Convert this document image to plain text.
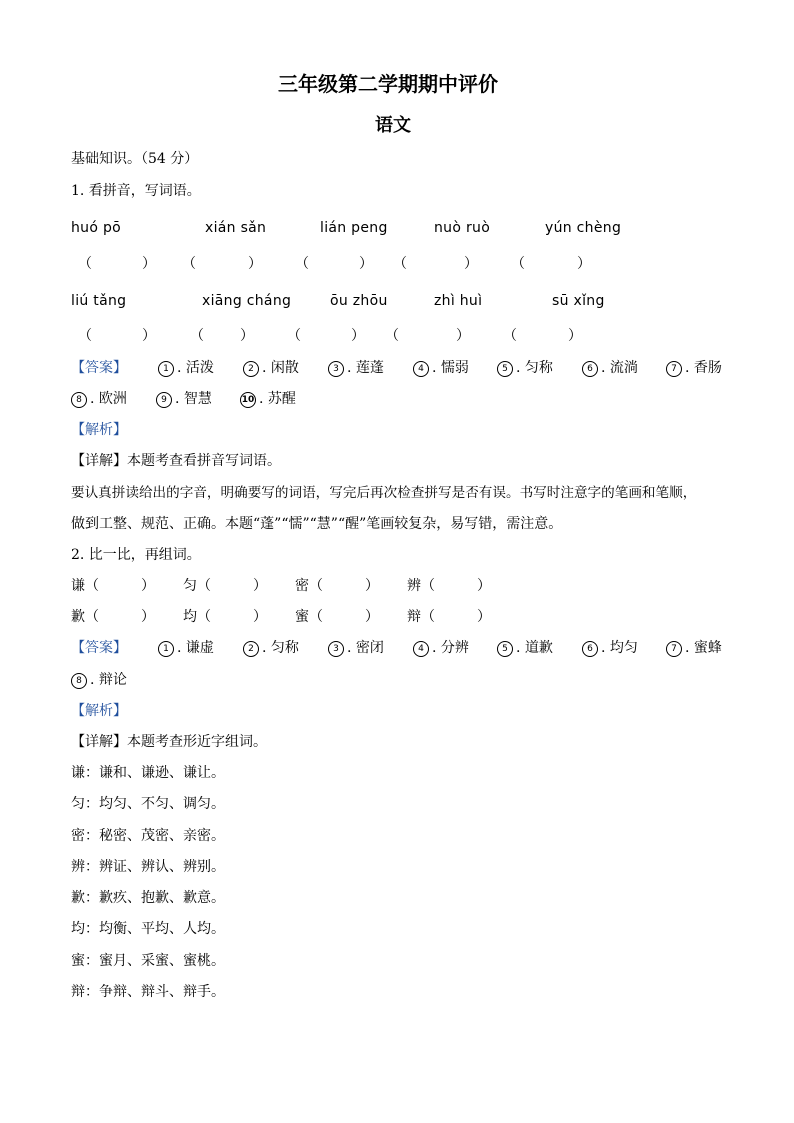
三年级第二学期期中评价
语文
基础知识。（54 分）
1. 看拼音，写词语。
huó pō	xián sǎn	lián peng	nuò ruò	yún chèng
（	） （	） （	） （	） （	）
liú tǎng	xiāng cháng	ōu zhōu	zhì huì	sū xǐng
（	） （	） （	） （	） （	）
【答案】	1 . 活泼	2 . 闲散	3 . 莲蓬	4 . 懦弱	5 . 匀称	6 . 流淌	7 . 香肠
8 . 欧洲	9 . 智慧	10 . 苏醒
【解析】
【详解】本题考查看拼音写词语。
要认真拼读给出的字音，明确要写的词语，写完后再次检查拼写是否有误。书写时注意字的笔画和笔顺，
做到工整、规范、正确。本题“蓬”“懦”“慧”“醒”笔画较复杂，易写错，需注意。
2. 比一比，再组词。
谦（　　　） 匀（　　　） 密（　　　） 辨（　　　）
歉（　　　） 均（　　　） 蜜（　　　） 辩（　　　）
【答案】	1 . 谦虚	2 . 匀称	3 . 密闭	4 . 分辨	5 . 道歉	6 . 均匀	7 . 蜜蜂
8 . 辩论
【解析】
【详解】本题考查形近字组词。
谦：谦和、谦逊、谦让。
匀：均匀、不匀、调匀。
密：秘密、茂密、亲密。
辨：辨证、辨认、辨别。
歉：歉疚、抱歉、歉意。
均：均衡、平均、人均。
蜜：蜜月、采蜜、蜜桃。
辩：争辩、辩斗、辩手。
